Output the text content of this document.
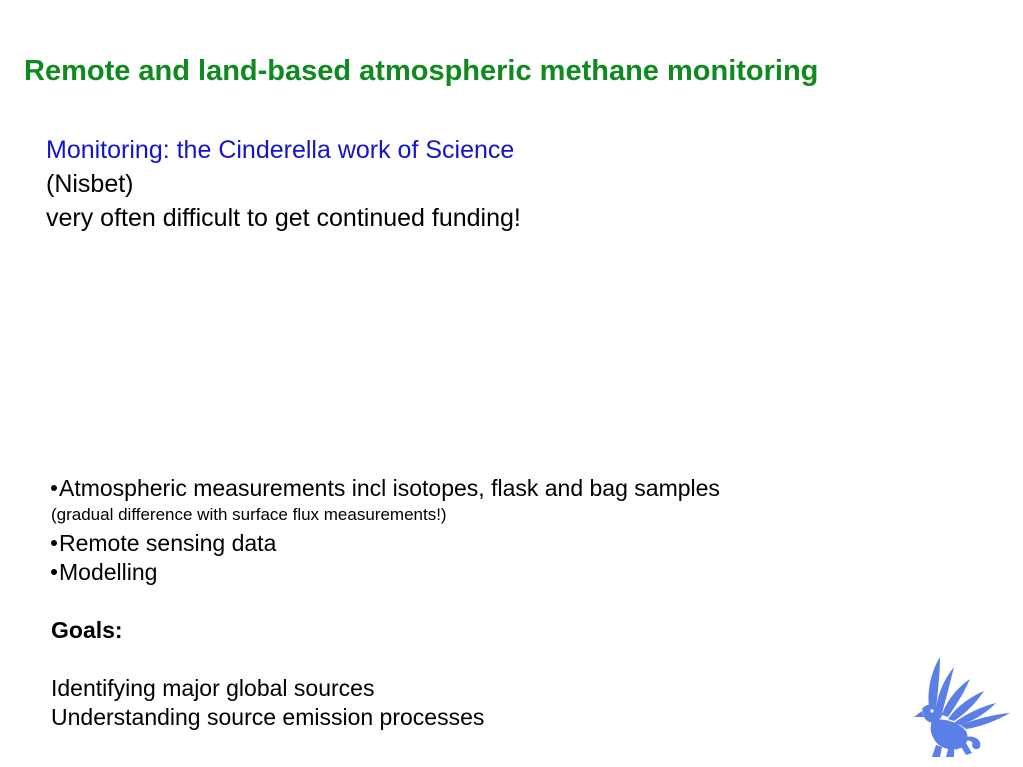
Remote and land-based atmospheric methane monitoring
Monitoring: the Cinderella work of Science
(Nisbet)
very often difficult to get continued funding!
Atmospheric measurements incl isotopes, flask and bag samples
(gradual difference with surface flux measurements!)
Remote sensing data
Modelling
Goals:
Identifying major global sources
Understanding source emission processes
